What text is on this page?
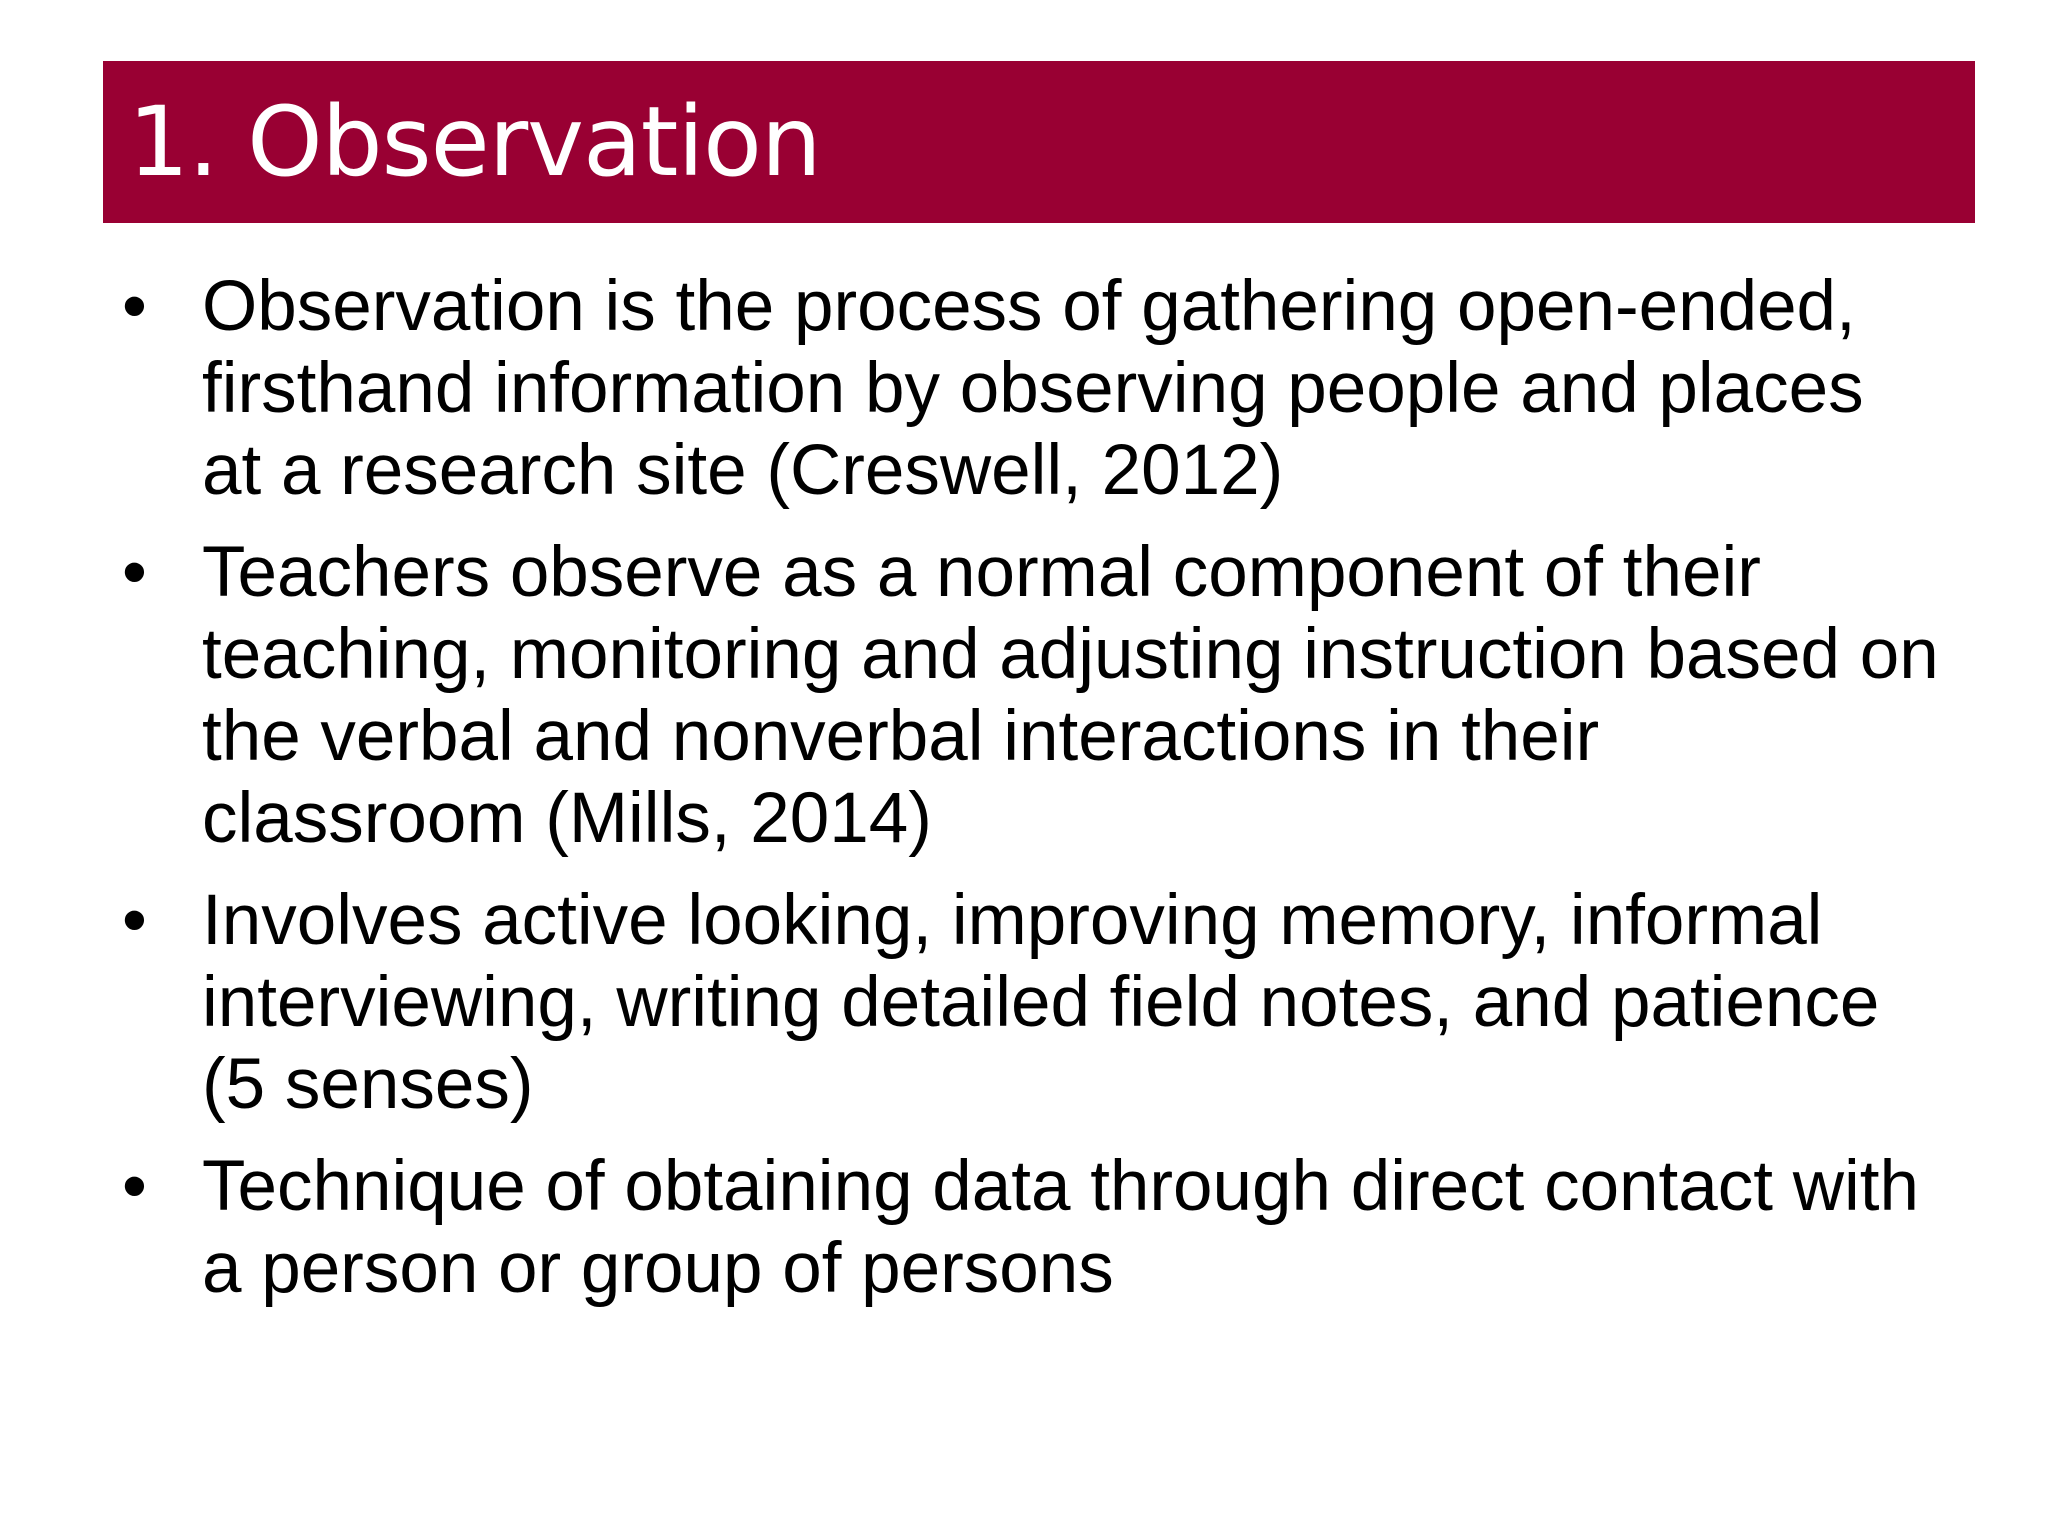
1. Observation
• Observation is the process of gathering open-ended, firsthand information by observing people and places at a research site (Creswell, 2012)
• Teachers observe as a normal component of their teaching, monitoring and adjusting instruction based on the verbal and nonverbal interactions in their classroom (Mills, 2014)
• Involves active looking, improving memory, informal interviewing, writing detailed field notes, and patience (5 senses)
• Technique of obtaining data through direct contact with a person or group of persons
